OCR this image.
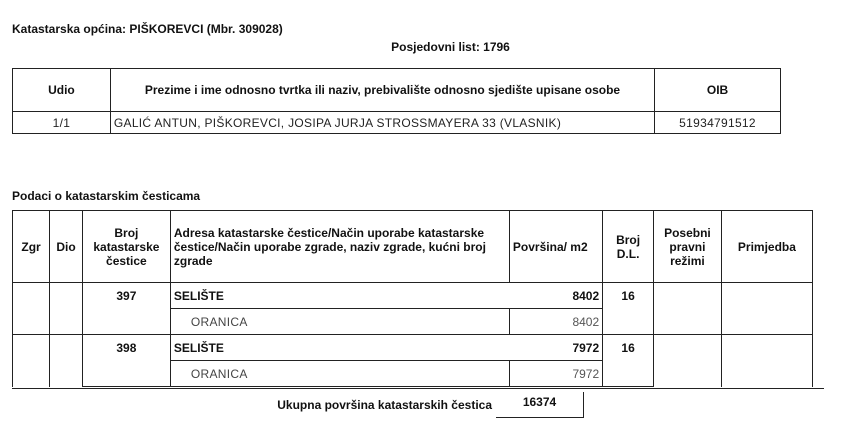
Katastarska općina: PIŠKOREVCI (Mbr. 309028)
Posjedovni list: 1796
Udio	Prezime i ime odnosno tvrtka ili naziv, prebivalište odnosno sjedište upisane osobe	OIB
1/1	GALIĆ ANTUN, PIŠKOREVCI, JOSIPA JURJA STROSSMAYERA 33 (VLASNIK)	51934791512
Podaci o katastarskim česticama
Zgr	Dio	Broj katastarske čestice	Adresa katastarske čestice/Način uporabe katastarske čestice/Način uporabe zgrade, naziv zgrade, kućni broj zgrade	Površina/ m2	Broj D.L.	Posebni pravni režimi	Primjedba
		397	SELIŠTE	8402	16		
			ORANICA	8402			
		398	SELIŠTE	7972	16		
			ORANICA	7972			
Ukupna površina katastarskih čestica	16374
